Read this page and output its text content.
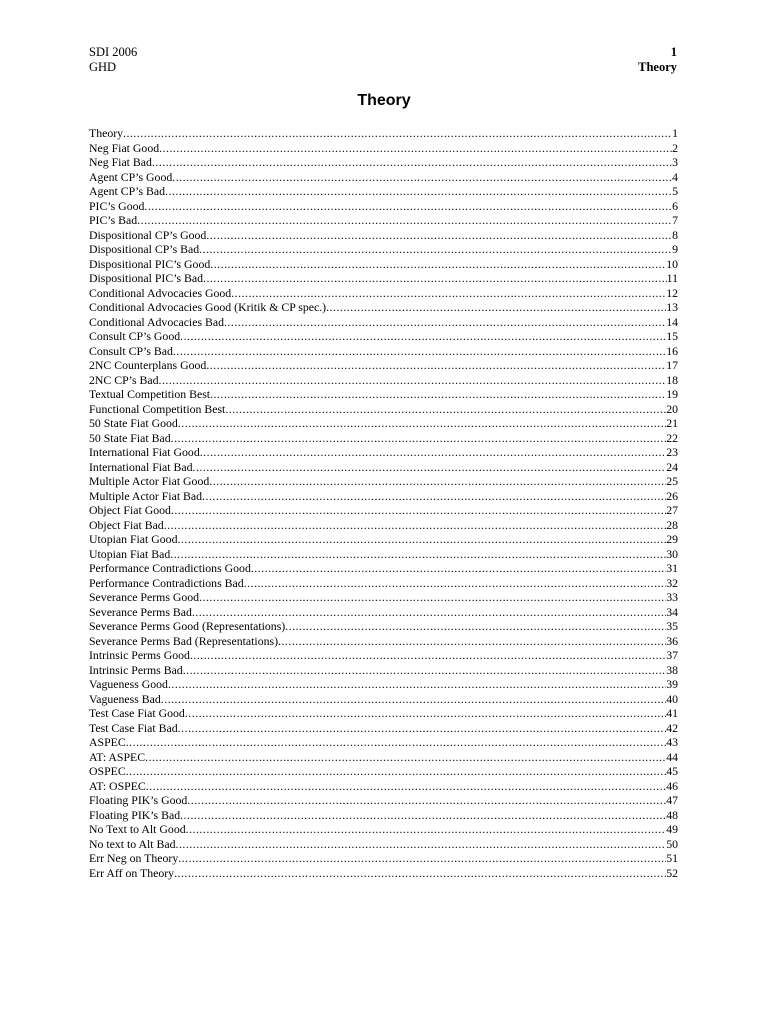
SDI 2006	1
GHD	Theory
Theory
Theory .....	1
Neg Fiat Good .....	2
Neg Fiat Bad .....	3
Agent CP’s Good .....	4
Agent CP’s Bad .....	5
PIC’s Good .....	6
PIC’s Bad .....	7
Dispositional CP’s Good .....	8
Dispositional CP’s Bad .....	9
Dispositional PIC’s Good .....	10
Dispositional PIC’s Bad .....	11
Conditional Advocacies Good .....	12
Conditional Advocacies Good (Kritik & CP spec.) .....	13
Conditional Advocacies Bad .....	14
Consult CP’s Good .....	15
Consult CP’s Bad .....	16
2NC Counterplans Good .....	17
2NC CP’s Bad .....	18
Textual Competition Best .....	19
Functional Competition Best .....	20
50 State Fiat Good .....	21
50 State Fiat Bad .....	22
International Fiat Good .....	23
International Fiat Bad .....	24
Multiple Actor Fiat Good .....	25
Multiple Actor Fiat Bad .....	26
Object Fiat Good .....	27
Object Fiat Bad .....	28
Utopian Fiat Good .....	29
Utopian Fiat Bad .....	30
Performance Contradictions Good .....	31
Performance Contradictions Bad .....	32
Severance Perms Good .....	33
Severance Perms Bad .....	34
Severance Perms Good (Representations) .....	35
Severance Perms Bad (Representations) .....	36
Intrinsic Perms Good .....	37
Intrinsic Perms Bad .....	38
Vagueness Good .....	39
Vagueness Bad .....	40
Test Case Fiat Good .....	41
Test Case Fiat Bad .....	42
ASPEC .....	43
AT: ASPEC .....	44
OSPEC .....	45
AT: OSPEC .....	46
Floating PIK’s Good .....	47
Floating PIK’s Bad .....	48
No Text to Alt Good .....	49
No text to Alt Bad .....	50
Err Neg on Theory .....	51
Err Aff on Theory .....	52
